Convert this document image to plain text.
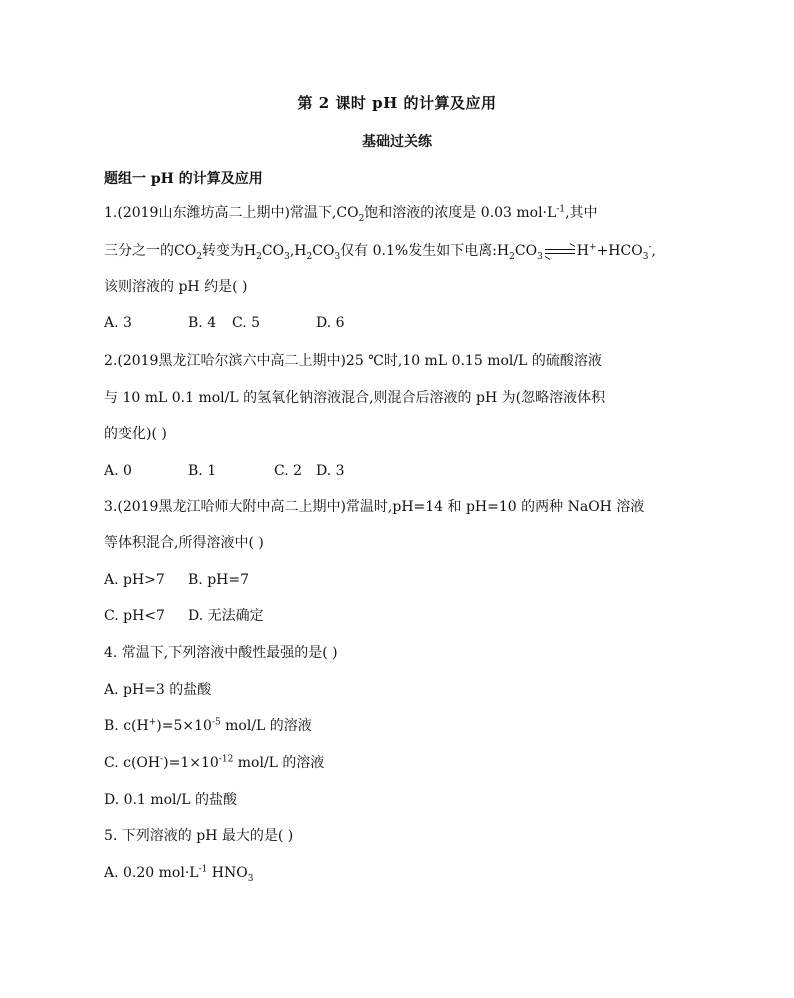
第 2 课时 pH 的计算及应用
基础过关练
题组一 pH 的计算及应用
1.(2019山东潍坊高二上期中)常温下$,CO_2$饱和溶液的浓度是 0.03 $mol\cdot L^{-1}$,其中
三分之一的$CO_2$转变为$H_2CO_3,H_2CO_3$仅有 0.1%发生如下电离$:H_2CO_3$ $H^++HCO_3^-$,
该则溶液的 pH 约是( )
A. 3	B. 4 C. 5	D. 6
2.(2019黑龙江哈尔滨六中高二上期中)25 ℃时,10 mL 0.15 mol/L 的硫酸溶液
与 10 mL 0.1 mol/L 的氢氧化钠溶液混合,则混合后溶液的 pH 为(忽略溶液体积
的变化)( )
A. 0	B. 1	C. 2 D. 3
3.(2019黑龙江哈师大附中高二上期中)常温时,pH=14 和 pH=10 的两种 NaOH 溶液
等体积混合,所得溶液中( )
A. pH>7 B. pH=7
C. pH<7 D. 无法确定
4. 常温下,下列溶液中酸性最强的是( )
A. pH=3 的盐酸
B. $c(H^+)=5\times 10^{-5}$ mol/L 的溶液
C. $c(OH^-)=1\times 10^{-12}$ mol/L 的溶液
D. 0.1 mol/L 的盐酸
5. 下列溶液的 pH 最大的是( )
A. 0.20 $mol\cdot L^{-1}$ $HNO_3$
